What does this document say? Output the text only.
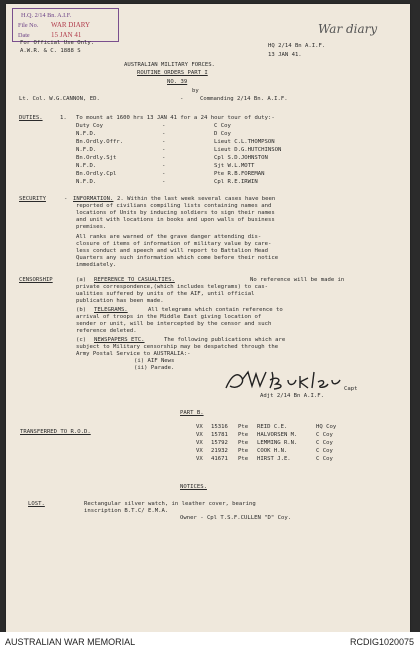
H.Q. 2/14 Bn. A.I.F.
File No. WAR DIARY
Date	15 JAN 41	War diary
For Official Use Only.
A.W.R. & C. 1888 S
HQ 2/14 Bn A.I.F.
13 JAN 41.
AUSTRALIAN MILITARY FORCES.
ROUTINE ORDERS PART I
NO. 39
by
Lt. Col. W.G.CANNON, ED.	-	Commanding 2/14 Bn. A.I.F.
DUTIES.	1. To mount at 1600 hrs 13 JAN 41 for a 24 hour tour of duty:-
Duty Coy	-	C Coy
N.F.D.	-	D Coy
Bn.Ordly.Offr.	-	Lieut C.L.THOMPSON
N.F.D.	-	Lieut D.G.HUTCHINSON
Bn.Ordly.Sjt	-	Cpl S.D.JOHNSTON
N.F.D.	-	Sjt W.L.MOTT
Bn.Ordly.Cpl	-	Pte R.B.FOREMAN
N.F.D.	-	Cpl R.E.IRWIN
SECURITY	- INFORMATION. 2. Within the last week several cases have been
reported of civilians compiling lists containing names and
locations of Units by inducing soldiers to sign their names
and unit with locations in books and upon walls of business
premises.
All ranks are warned of the grave danger attending dis-
closure of items of information of military value by care-
less conduct and speech and will report to Battalion Head
Quarters any such information which come before their notice
immediately.
CENSORSHIP	(a) REFERENCE TO CASUALTIES.	No reference will be made in
private correspondence,(which includes telegrams) to cas-
ualities suffered by units of the AIF, until official
publication has been made.
(b) TELEGRAMS.	All telegrams which contain reference to
arrival of troops in the Middle East giving location of
sender or unit, will be intercepted by the censor and such
reference deleted.
(c) NEWSPAPERS ETC.	The following publications which are
subject to Military censorship may be despatched through the
Army Postal Service to AUSTRALIA:-
(i) AIF News
(ii) Parade.
Capt
Adjt 2/14 Bn A.I.F.
PART B.
TRANSFERRED TO R.O.D.
VX 15316 Pte REID C.E.	HQ Coy
VX 15781 Pte HALVORSEN M.	C Coy
VX 15792 Pte LEMMING R.N.	C Coy
VX 21932 Pte COOK H.N.	C Coy
VX 41671 Pte HIRST J.E.	C Coy
NOTICES.
LOST.	Rectangular silver watch, in leather cover, bearing
inscription B.T.C/ E.M.A.
Owner - Cpl T.S.F.CULLEN "D" Coy.
AUSTRALIAN WAR MEMORIAL	RCDIG1020075
